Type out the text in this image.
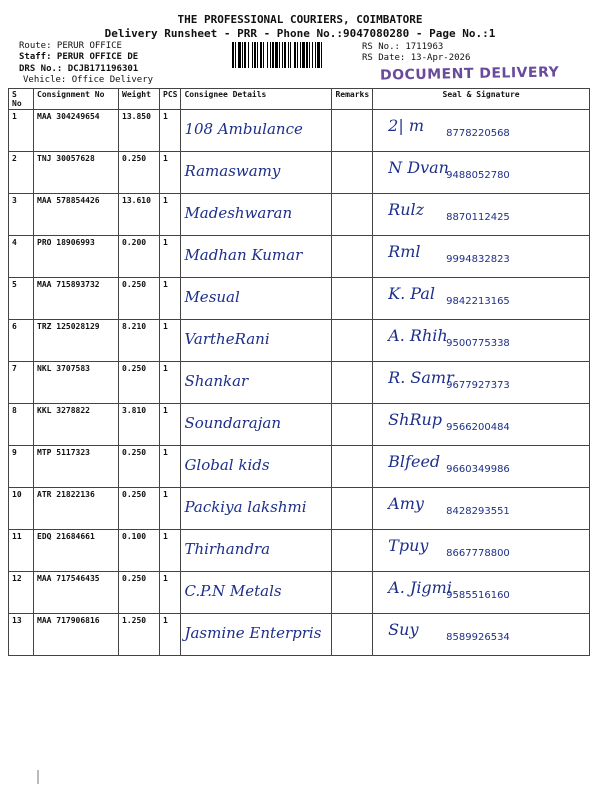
THE PROFESSIONAL COURIERS, COIMBATORE
Delivery Runsheet - PRR - Phone No.:9047080280 - Page No.:1
Route: PERUR OFFICE
Staff: PERUR OFFICE DE
DRS No.: DCJB171196301
Vehicle: Office Delivery
RS No.: 1711963
RS Date: 13-Apr-2026
DOCUMENT DELIVERY
S No	Consignment No	Weight	PCS	Consignee Details	Remarks	Seal & Signature
1	MAA 304249654	13.850	1	108 Ambulance		2| m 8778220568

2	TNJ 30057628	0.250	1	Ramaswamy		N Dvan
9488052780

3	MAA 578854426	13.610	1	Madeshwaran		Rulz 8870112425

4	PRO 18906993	0.200	1	Madhan Kumar		Rml 9994832823

5	MAA 715893732	0.250	1	Mesual		K. Pal 9842213165

6	TRZ 125028129	8.210	1	VartheRani		A. Rhih
9500775338

7	NKL 3707583	0.250	1	Shankar		R. Samr
9677927373

8	KKL 3278822	3.810	1	Soundarajan		ShRup 9566200484

9	MTP 5117323	0.250	1	Global kids		Blfeed 9660349986

10	ATR 21822136	0.250	1	Packiya lakshmi		Amy 8428293551

11	EDQ 21684661	0.100	1	Thirhandra		Tpuy 8667778800

12	MAA 717546435	0.250	1	C.P.N Metals		A. Jigmi
9585516160

13	MAA 717906816	1.250	1	Jasmine Enterpris		Suy 8589926534
